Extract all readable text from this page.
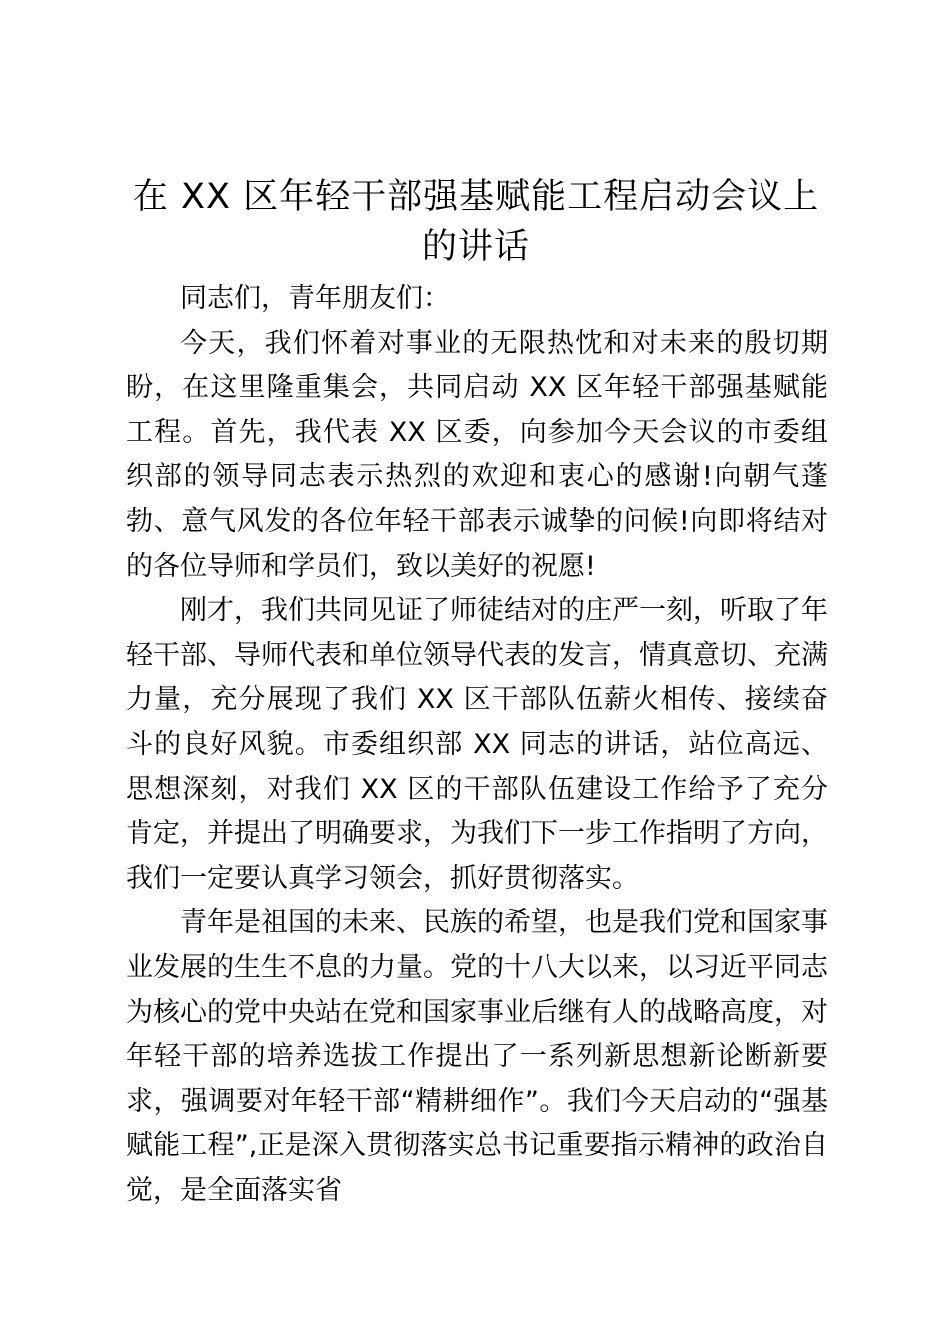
在 XX 区年轻干部强基赋能工程启动会议上的讲话

同志们，青年朋友们：

今天，我们怀着对事业的无限热忱和对未来的殷切期盼，在这里隆重集会，共同启动 XX 区年轻干部强基赋能工程。首先，我代表 XX 区委，向参加今天会议的市委组织部的领导同志表示热烈的欢迎和衷心的感谢!向朝气蓬勃、意气风发的各位年轻干部表示诚挚的问候!向即将结对的各位导师和学员们，致以美好的祝愿!

刚才，我们共同见证了师徒结对的庄严一刻，听取了年轻干部、导师代表和单位领导代表的发言，情真意切、充满力量，充分展现了我们 XX 区干部队伍薪火相传、接续奋斗的良好风貌。市委组织部 XX 同志的讲话，站位高远、思想深刻，对我们 XX 区的干部队伍建设工作给予了充分肯定，并提出了明确要求，为我们下一步工作指明了方向，我们一定要认真学习领会，抓好贯彻落实。

青年是祖国的未来、民族的希望，也是我们党和国家事业发展的生生不息的力量。党的十八大以来，以习近平同志为核心的党中央站在党和国家事业后继有人的战略高度，对年轻干部的培养选拔工作提出了一系列新思想新论断新要求，强调要对年轻干部“精耕细作”。我们今天启动的“强基赋能工程”,正是深入贯彻落实总书记重要指示精神的政治自觉，是全面落实省
